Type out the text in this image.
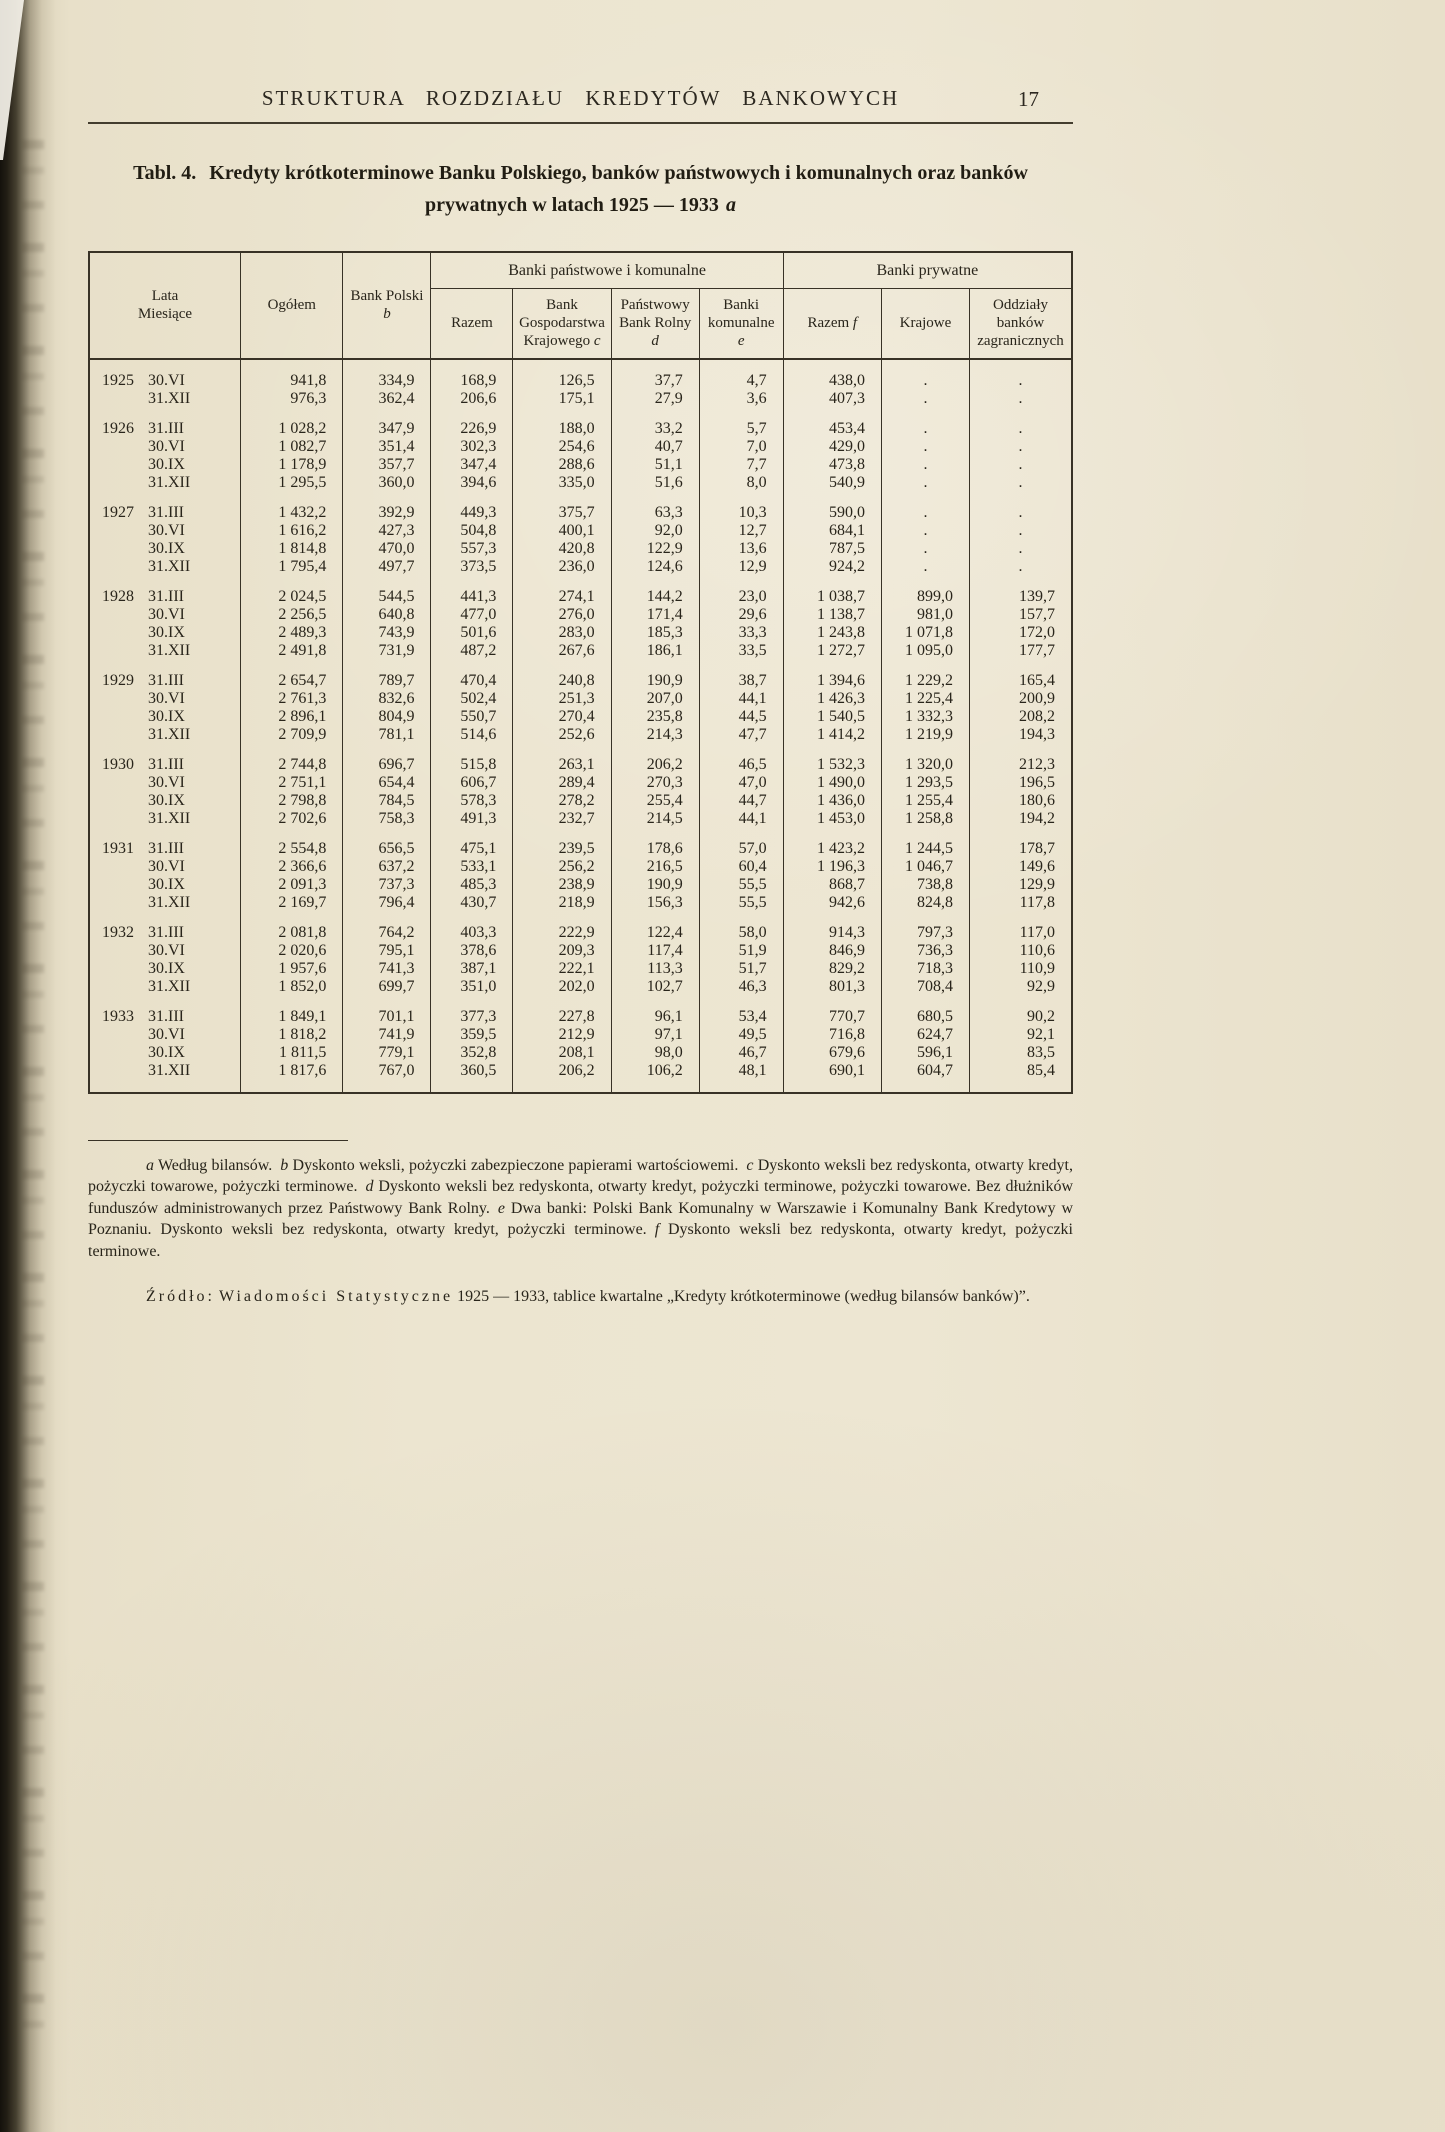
STRUKTURA ROZDZIAŁU KREDYTÓW BANKOWYCH	17

Tabl. 4. Kredyty krótkoterminowe Banku Polskiego, banków państwowych i komunalnych oraz banków prywatnych w latach 1925 — 1933 a

Lata
Miesiące	Ogółem	Bank Polski b	Banki państwowe i komunalne				Banki prywatne		
			Razem	Bank Gospodarstwa Krajowego c	Państwowy Bank Rolny d	Banki komunalne e	Razem f	Krajowe	Oddziały banków zagranicznych
1925 30.VI	941,8	334,9	168,9	126,5	37,7	4,7	438,0	.	.
31.XII	976,3	362,4	206,6	175,1	27,9	3,6	407,3	.	.
1926 31.III	1 028,2	347,9	226,9	188,0	33,2	5,7	453,4	.	.
30.VI	1 082,7	351,4	302,3	254,6	40,7	7,0	429,0	.	.
30.IX	1 178,9	357,7	347,4	288,6	51,1	7,7	473,8	.	.
31.XII	1 295,5	360,0	394,6	335,0	51,6	8,0	540,9	.	.
1927 31.III	1 432,2	392,9	449,3	375,7	63,3	10,3	590,0	.	.
30.VI	1 616,2	427,3	504,8	400,1	92,0	12,7	684,1	.	.
30.IX	1 814,8	470,0	557,3	420,8	122,9	13,6	787,5	.	.
31.XII	1 795,4	497,7	373,5	236,0	124,6	12,9	924,2	.	.
1928 31.III	2 024,5	544,5	441,3	274,1	144,2	23,0	1 038,7	899,0	139,7
30.VI	2 256,5	640,8	477,0	276,0	171,4	29,6	1 138,7	981,0	157,7
30.IX	2 489,3	743,9	501,6	283,0	185,3	33,3	1 243,8	1 071,8	172,0
31.XII	2 491,8	731,9	487,2	267,6	186,1	33,5	1 272,7	1 095,0	177,7
1929 31.III	2 654,7	789,7	470,4	240,8	190,9	38,7	1 394,6	1 229,2	165,4
30.VI	2 761,3	832,6	502,4	251,3	207,0	44,1	1 426,3	1 225,4	200,9
30.IX	2 896,1	804,9	550,7	270,4	235,8	44,5	1 540,5	1 332,3	208,2
31.XII	2 709,9	781,1	514,6	252,6	214,3	47,7	1 414,2	1 219,9	194,3
1930 31.III	2 744,8	696,7	515,8	263,1	206,2	46,5	1 532,3	1 320,0	212,3
30.VI	2 751,1	654,4	606,7	289,4	270,3	47,0	1 490,0	1 293,5	196,5
30.IX	2 798,8	784,5	578,3	278,2	255,4	44,7	1 436,0	1 255,4	180,6
31.XII	2 702,6	758,3	491,3	232,7	214,5	44,1	1 453,0	1 258,8	194,2
1931 31.III	2 554,8	656,5	475,1	239,5	178,6	57,0	1 423,2	1 244,5	178,7
30.VI	2 366,6	637,2	533,1	256,2	216,5	60,4	1 196,3	1 046,7	149,6
30.IX	2 091,3	737,3	485,3	238,9	190,9	55,5	868,7	738,8	129,9
31.XII	2 169,7	796,4	430,7	218,9	156,3	55,5	942,6	824,8	117,8
1932 31.III	2 081,8	764,2	403,3	222,9	122,4	58,0	914,3	797,3	117,0
30.VI	2 020,6	795,1	378,6	209,3	117,4	51,9	846,9	736,3	110,6
30.IX	1 957,6	741,3	387,1	222,1	113,3	51,7	829,2	718,3	110,9
31.XII	1 852,0	699,7	351,0	202,0	102,7	46,3	801,3	708,4	92,9
1933 31.III	1 849,1	701,1	377,3	227,8	96,1	53,4	770,7	680,5	90,2
30.VI	1 818,2	741,9	359,5	212,9	97,1	49,5	716,8	624,7	92,1
30.IX	1 811,5	779,1	352,8	208,1	98,0	46,7	679,6	596,1	83,5
31.XII	1 817,6	767,0	360,5	206,2	106,2	48,1	690,1	604,7	85,4

a Według bilansów.  b Dyskonto weksli, pożyczki zabezpieczone papierami wartościowemi.  c Dyskonto weksli bez redyskonta, otwarty kredyt, pożyczki towarowe, pożyczki terminowe.  d Dyskonto weksli bez redyskonta, otwarty kredyt, pożyczki terminowe, pożyczki towarowe. Bez dłużników funduszów administrowanych przez Państwowy Bank Rolny.  e Dwa banki: Polski Bank Komunalny w Warszawie i Komunalny Bank Kredytowy w Poznaniu. Dyskonto weksli bez redyskonta, otwarty kredyt, pożyczki terminowe.  f Dyskonto weksli bez redyskonta, otwarty kredyt, pożyczki terminowe.

Źródło: Wiadomości Statystyczne 1925 — 1933, tablice kwartalne „Kredyty krótkoterminowe (według bilansów banków)”.
